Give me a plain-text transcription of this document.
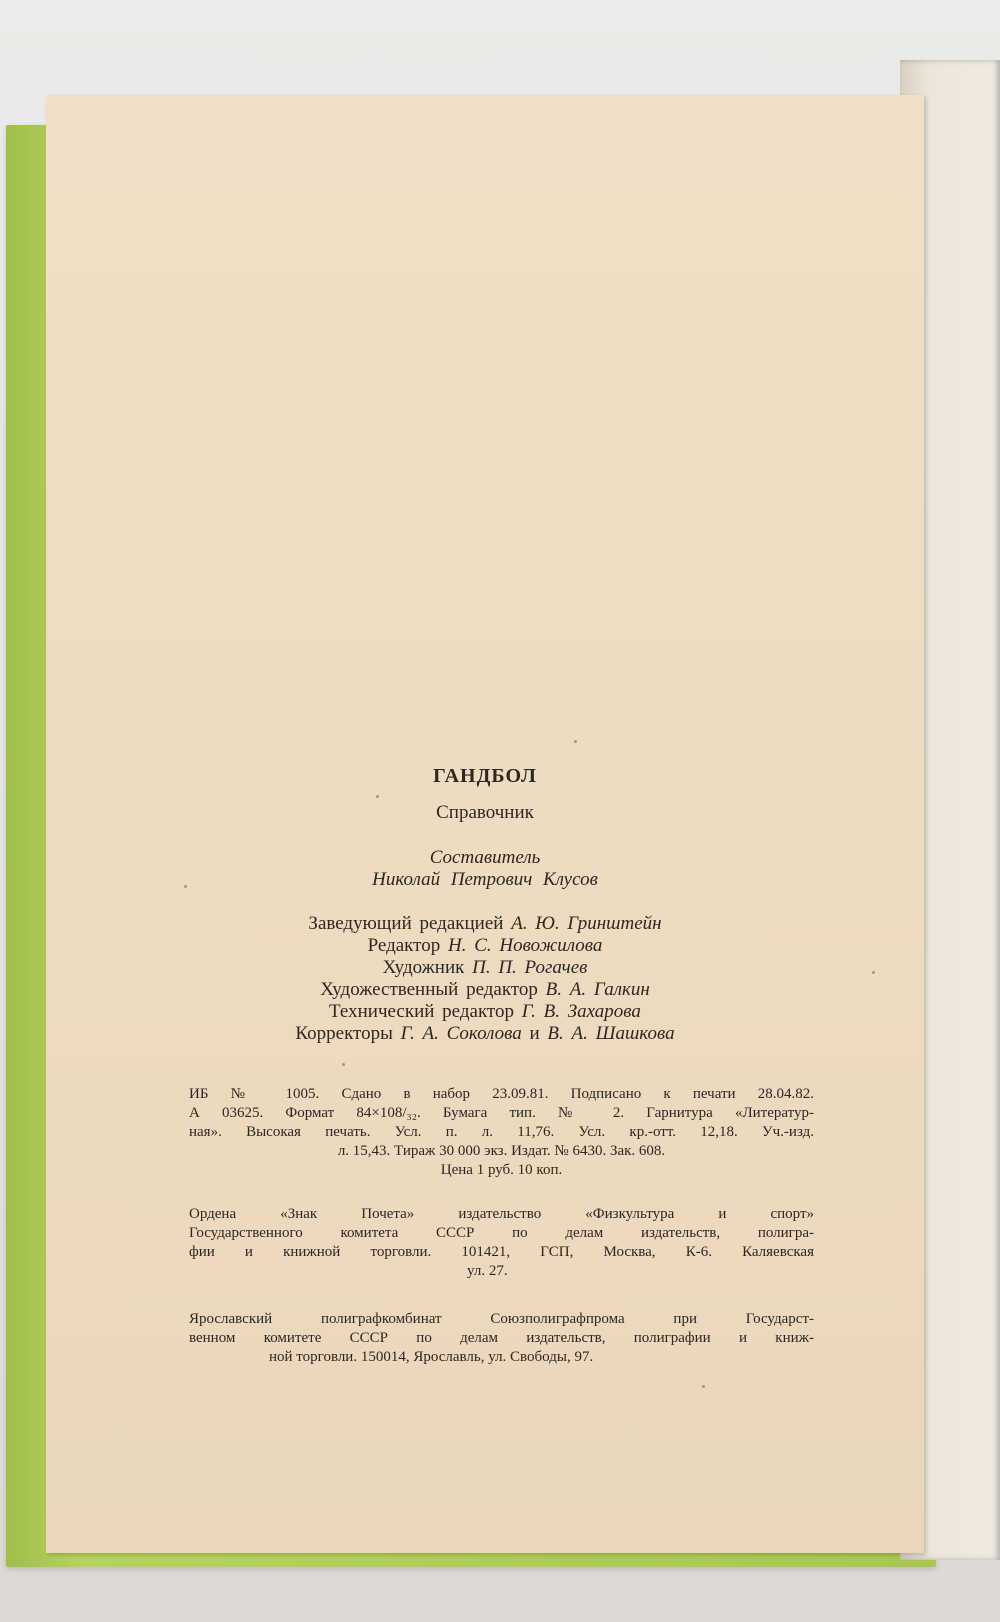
ГАНДБОЛ
Справочник
Составитель
Николай Петрович Клусов
Заведующий редакцией А. Ю. Гринштейн
Редактор Н. С. Новожилова
Художник П. П. Рогачев
Художественный редактор В. А. Галкин
Технический редактор Г. В. Захарова
Корректоры Г. А. Соколова и В. А. Шашкова
ИБ № 1005. Сдано в набор 23.09.81. Подписано к печати 28.04.82.
А 03625. Формат 84×108/₃₂. Бумага тип. № 2. Гарнитура «Литератур-
ная». Высокая печать. Усл. п. л. 11,76. Усл. кр.-отт. 12,18. Уч.-изд.
л. 15,43. Тираж 30 000 экз. Издат. № 6430. Зак. 608.
Цена 1 руб. 10 коп.
Ордена «Знак Почета» издательство «Физкультура и спорт»
Государственного комитета СССР по делам издательств, полигра-
фии и книжной торговли. 101421, ГСП, Москва, К-6. Каляевская
ул. 27.
Ярославский полиграфкомбинат Союзполиграфпрома при Государст-
венном комитете СССР по делам издательств, полиграфии и книж-
ной торговли. 150014, Ярославль, ул. Свободы, 97.
